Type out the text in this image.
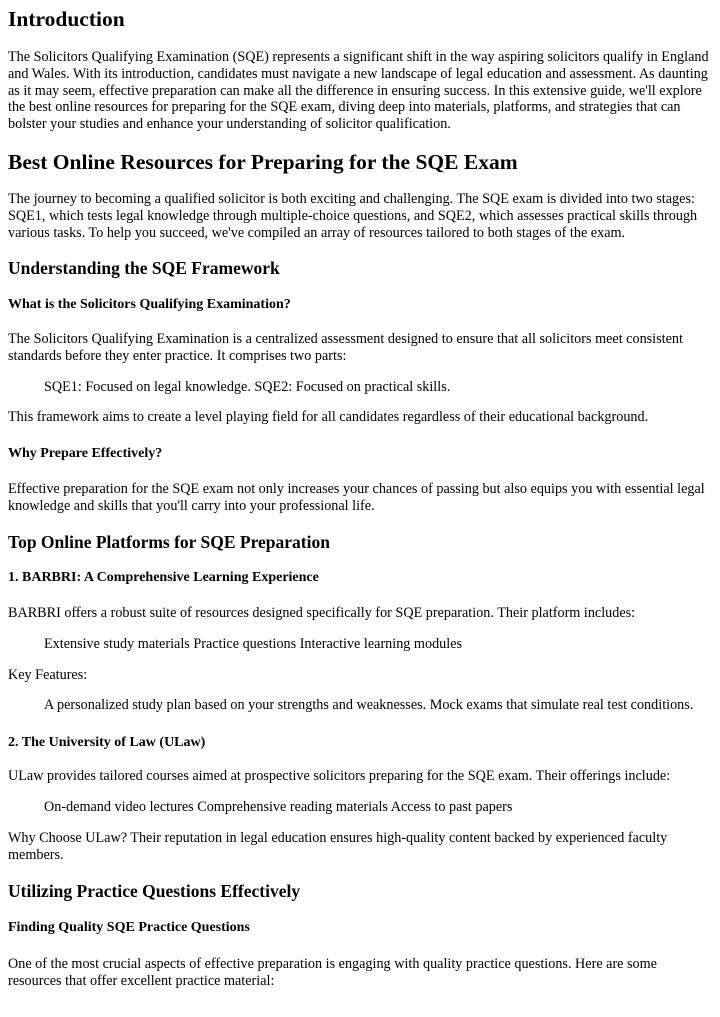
Introduction

The Solicitors Qualifying Examination (SQE) represents a significant shift in the way aspiring solicitors qualify in England and Wales. With its introduction, candidates must navigate a new landscape of legal education and assessment. As daunting as it may seem, effective preparation can make all the difference in ensuring success. In this extensive guide, we'll explore the best online resources for preparing for the SQE exam, diving deep into materials, platforms, and strategies that can bolster your studies and enhance your understanding of solicitor qualification.

Best Online Resources for Preparing for the SQE Exam

The journey to becoming a qualified solicitor is both exciting and challenging. The SQE exam is divided into two stages: SQE1, which tests legal knowledge through multiple-choice questions, and SQE2, which assesses practical skills through various tasks. To help you succeed, we've compiled an array of resources tailored to both stages of the exam.

Understanding the SQE Framework
What is the Solicitors Qualifying Examination?

The Solicitors Qualifying Examination is a centralized assessment designed to ensure that all solicitors meet consistent standards before they enter practice. It comprises two parts:

SQE1: Focused on legal knowledge. SQE2: Focused on practical skills.

This framework aims to create a level playing field for all candidates regardless of their educational background.

Why Prepare Effectively?

Effective preparation for the SQE exam not only increases your chances of passing but also equips you with essential legal knowledge and skills that you'll carry into your professional life.

Top Online Platforms for SQE Preparation
1. BARBRI: A Comprehensive Learning Experience

BARBRI offers a robust suite of resources designed specifically for SQE preparation. Their platform includes:

Extensive study materials Practice questions Interactive learning modules

Key Features:

A personalized study plan based on your strengths and weaknesses. Mock exams that simulate real test conditions.

2. The University of Law (ULaw)

ULaw provides tailored courses aimed at prospective solicitors preparing for the SQE exam. Their offerings include:

On-demand video lectures Comprehensive reading materials Access to past papers

Why Choose ULaw? Their reputation in legal education ensures high-quality content backed by experienced faculty members.

Utilizing Practice Questions Effectively
Finding Quality SQE Practice Questions

One of the most crucial aspects of effective preparation is engaging with quality practice questions. Here are some resources that offer excellent practice material:
